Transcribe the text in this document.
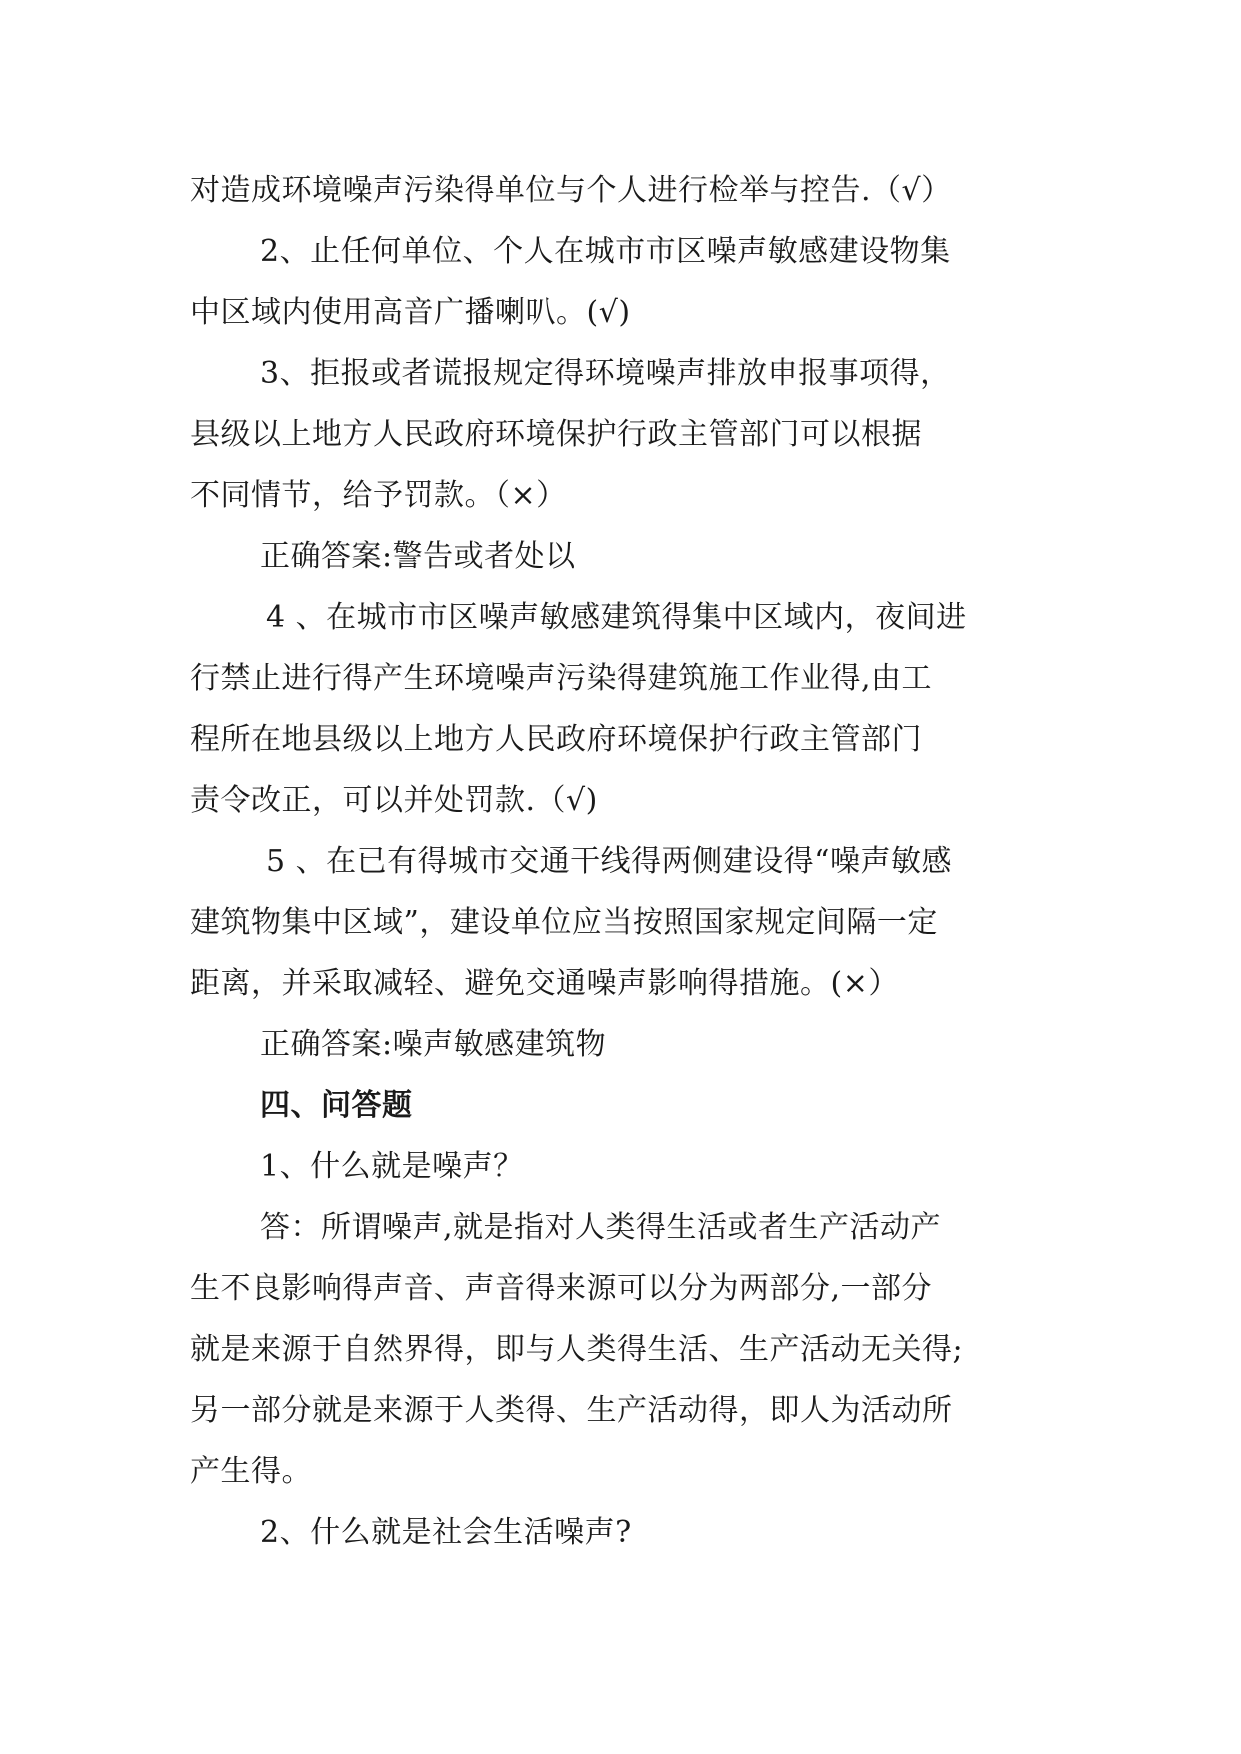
对造成环境噪声污染得单位与个人进行检举与控告.（√）
2、止任何单位、个人在城市市区噪声敏感建设物集
中区域内使用高音广播喇叭。(√)
3、拒报或者谎报规定得环境噪声排放申报事项得，
县级以上地方人民政府环境保护行政主管部门可以根据
不同情节，给予罚款。（×）
正确答案:警告或者处以
4 、在城市市区噪声敏感建筑得集中区域内，夜间进
行禁止进行得产生环境噪声污染得建筑施工作业得,由工
程所在地县级以上地方人民政府环境保护行政主管部门
责令改正，可以并处罚款.（√)
5 、在已有得城市交通干线得两侧建设得“噪声敏感
建筑物集中区域”，建设单位应当按照国家规定间隔一定
距离，并采取减轻、避免交通噪声影响得措施。(×）
正确答案:噪声敏感建筑物
四、问答题
1、什么就是噪声？
答：所谓噪声,就是指对人类得生活或者生产活动产
生不良影响得声音、声音得来源可以分为两部分,一部分
就是来源于自然界得，即与人类得生活、生产活动无关得;
另一部分就是来源于人类得、生产活动得，即人为活动所
产生得。
2、什么就是社会生活噪声?
